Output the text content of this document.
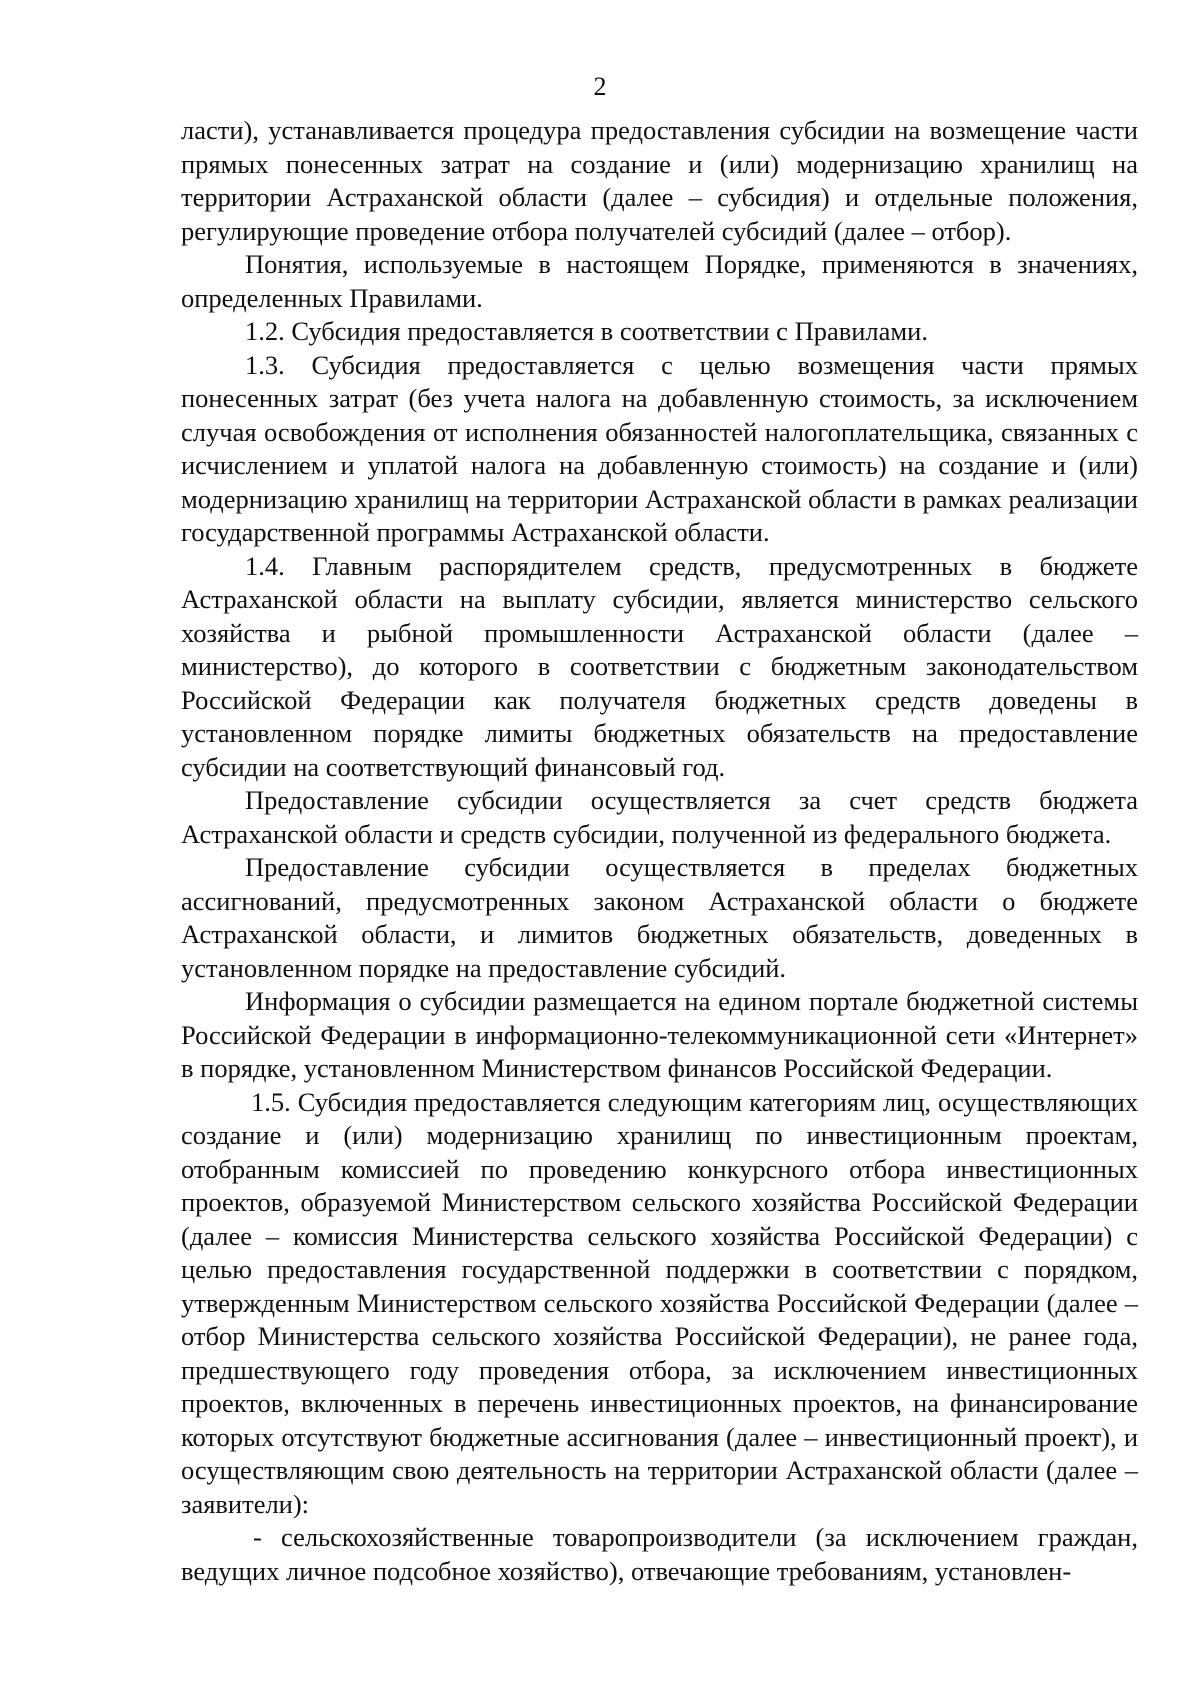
2

ласти), устанавливается процедура предоставления субсидии на возмещение части прямых понесенных затрат на создание и (или) модернизацию хранилищ на территории Астраханской области (далее – субсидия) и отдельные положения, регулирующие проведение отбора получателей субсидий (далее – отбор).

Понятия, используемые в настоящем Порядке, применяются в значениях, определенных Правилами.

1.2. Субсидия предоставляется в соответствии с Правилами.

1.3. Субсидия предоставляется с целью возмещения части прямых понесенных затрат (без учета налога на добавленную стоимость, за исключением случая освобождения от исполнения обязанностей налогоплательщика, связанных с исчислением и уплатой налога на добавленную стоимость) на создание и (или) модернизацию хранилищ на территории Астраханской области в рамках реализации государственной программы Астраханской области.

1.4. Главным распорядителем средств, предусмотренных в бюджете Астраханской области на выплату субсидии, является министерство сельского хозяйства и рыбной промышленности Астраханской области (далее – министерство), до которого в соответствии с бюджетным законодательством Российской Федерации как получателя бюджетных средств доведены в установленном порядке лимиты бюджетных обязательств на предоставление субсидии на соответствующий финансовый год.

Предоставление субсидии осуществляется за счет средств бюджета Астраханской области и средств субсидии, полученной из федерального бюджета.

Предоставление субсидии осуществляется в пределах бюджетных ассигнований, предусмотренных законом Астраханской области о бюджете Астраханской области, и лимитов бюджетных обязательств, доведенных в установленном порядке на предоставление субсидий.

Информация о субсидии размещается на едином портале бюджетной системы Российской Федерации в информационно-телекоммуникационной сети «Интернет» в порядке, установленном Министерством финансов Российской Федерации.

1.5. Субсидия предоставляется следующим категориям лиц, осуществляющих создание и (или) модернизацию хранилищ по инвестиционным проектам, отобранным комиссией по проведению конкурсного отбора инвестиционных проектов, образуемой Министерством сельского хозяйства Российской Федерации (далее – комиссия Министерства сельского хозяйства Российской Федерации) с целью предоставления государственной поддержки в соответствии с порядком, утвержденным Министерством сельского хозяйства Российской Федерации (далее – отбор Министерства сельского хозяйства Российской Федерации), не ранее года, предшествующего году проведения отбора, за исключением инвестиционных проектов, включенных в перечень инвестиционных проектов, на финансирование которых отсутствуют бюджетные ассигнования (далее – инвестиционный проект), и осуществляющим свою деятельность на территории Астраханской области (далее – заявители):

- сельскохозяйственные товаропроизводители (за исключением граждан, ведущих личное подсобное хозяйство), отвечающие требованиям, установлен-
